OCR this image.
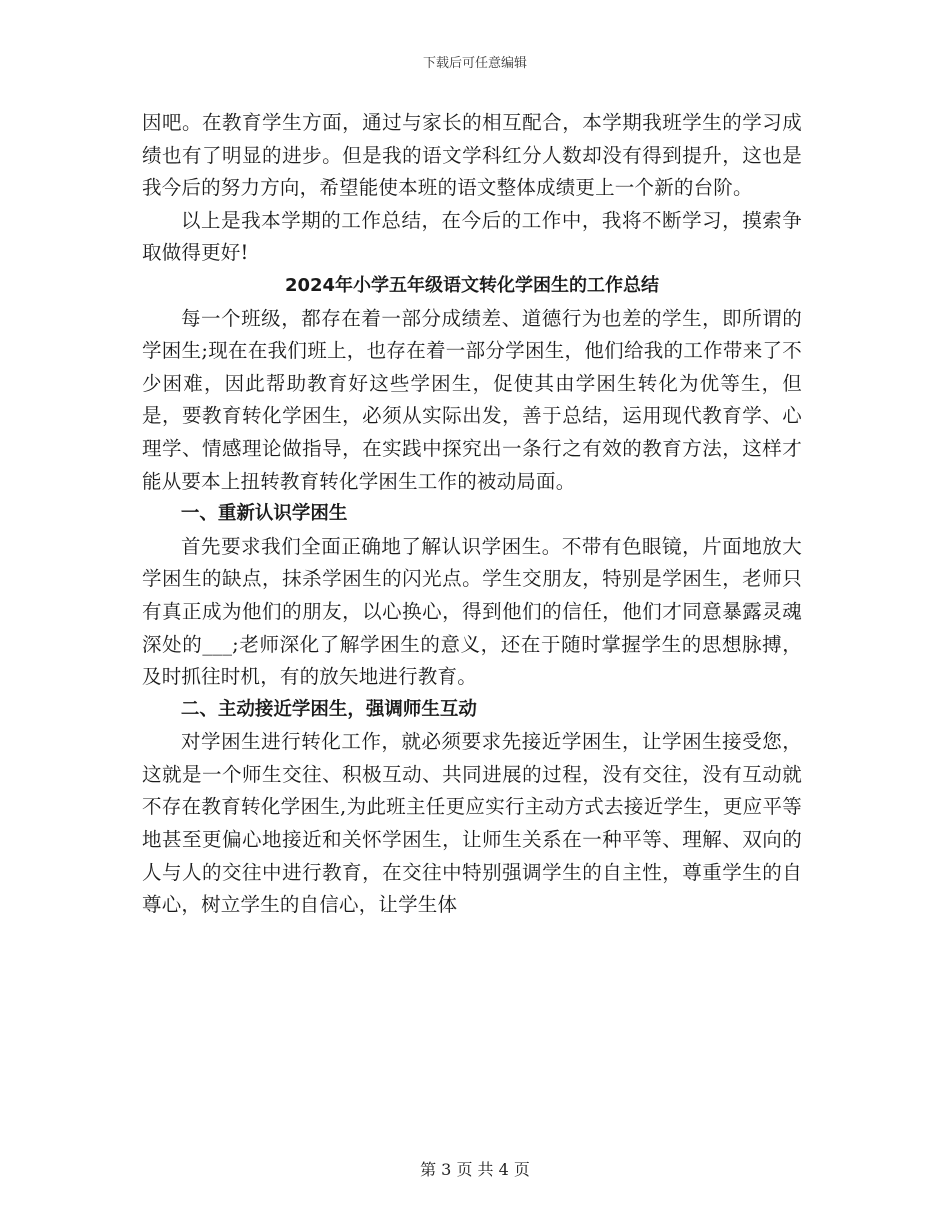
下载后可任意编辑

因吧。在教育学生方面，通过与家长的相互配合，本学期我班学生的学习成绩也有了明显的进步。但是我的语文学科红分人数却没有得到提升，这也是我今后的努力方向，希望能使本班的语文整体成绩更上一个新的台阶。

以上是我本学期的工作总结，在今后的工作中，我将不断学习，摸索争取做得更好!

2024年小学五年级语文转化学困生的工作总结

每一个班级，都存在着一部分成绩差、道德行为也差的学生，即所谓的学困生;现在在我们班上，也存在着一部分学困生，他们给我的工作带来了不少困难，因此帮助教育好这些学困生，促使其由学困生转化为优等生，但是，要教育转化学困生，必须从实际出发，善于总结，运用现代教育学、心理学、情感理论做指导，在实践中探究出一条行之有效的教育方法，这样才能从要本上扭转教育转化学困生工作的被动局面。

一、重新认识学困生

首先要求我们全面正确地了解认识学困生。不带有色眼镜，片面地放大学困生的缺点，抹杀学困生的闪光点。学生交朋友，特别是学困生，老师只有真正成为他们的朋友，以心换心，得到他们的信任，他们才同意暴露灵魂深处的___;老师深化了解学困生的意义，还在于随时掌握学生的思想脉搏，及时抓往时机，有的放矢地进行教育。

二、主动接近学困生，强调师生互动

对学困生进行转化工作，就必须要求先接近学困生，让学困生接受您，这就是一个师生交往、积极互动、共同进展的过程，没有交往，没有互动就不存在教育转化学困生,为此班主任更应实行主动方式去接近学生，更应平等地甚至更偏心地接近和关怀学困生，让师生关系在一种平等、理解、双向的人与人的交往中进行教育，在交往中特别强调学生的自主性，尊重学生的自尊心，树立学生的自信心，让学生体

第 3 页 共 4 页
